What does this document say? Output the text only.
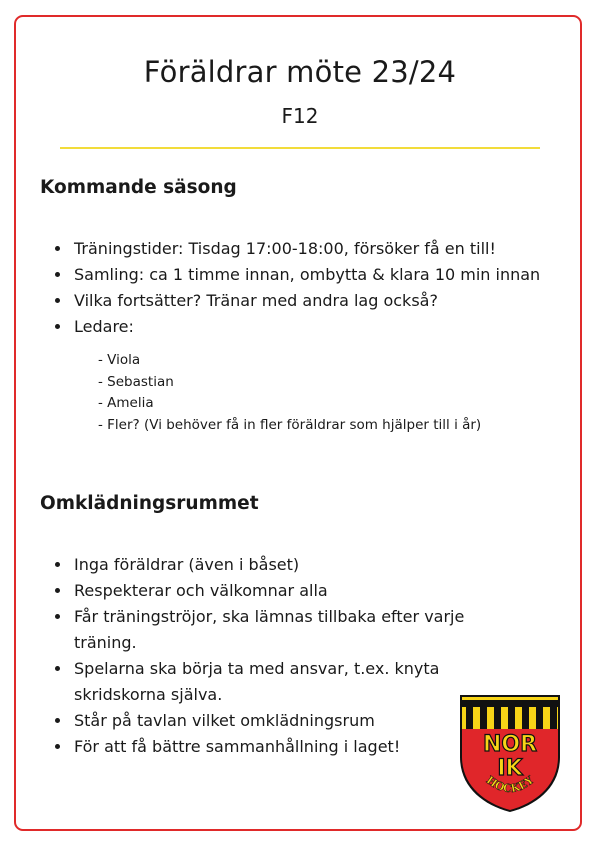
Föräldrar möte 23/24
F12
Kommande säsong
• Träningstider: Tisdag 17:00-18:00, försöker få en till!
• Samling: ca 1 timme innan, ombytta & klara 10 min innan
• Vilka fortsätter? Tränar med andra lag också?
• Ledare:
- Viola
- Sebastian
- Amelia
- Fler? (Vi behöver få in fler föräldrar som hjälper till i år)
Omklädningsrummet
• Inga föräldrar (även i båset)
• Respekterar och välkomnar alla
• Får träningströjor, ska lämnas tillbaka efter varje träning.
• Spelarna ska börja ta med ansvar, t.ex. knyta skridskorna själva.
• Står på tavlan vilket omklädningsrum
• För att få bättre sammanhållning i laget!	NOR
IK
HOCKEY
